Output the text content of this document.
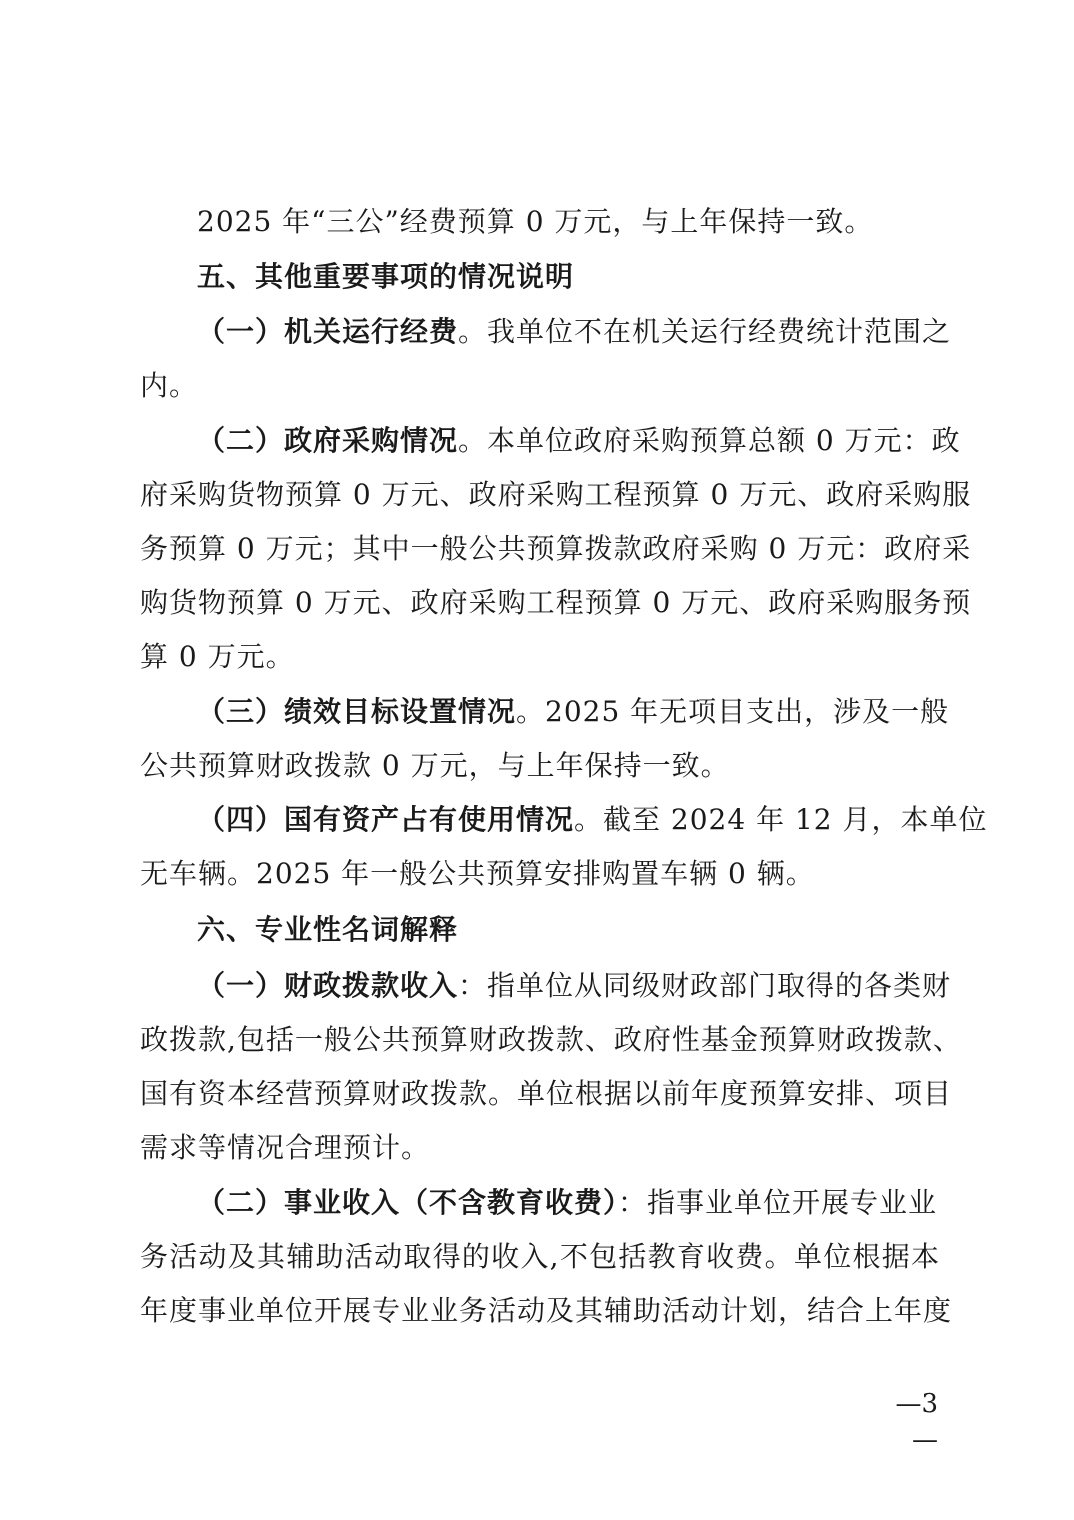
2025 年“三公”经费预算 0 万元，与上年保持一致。
五、其他重要事项的情况说明
（一）机关运行经费。我单位不在机关运行经费统计范围之
内。
（二）政府采购情况。本单位政府采购预算总额 0 万元：政
府采购货物预算 0 万元、政府采购工程预算 0 万元、政府采购服
务预算 0 万元；其中一般公共预算拨款政府采购 0 万元：政府采
购货物预算 0 万元、政府采购工程预算 0 万元、政府采购服务预
算 0 万元。
（三）绩效目标设置情况。2025 年无项目支出，涉及一般
公共预算财政拨款 0 万元，与上年保持一致。
（四）国有资产占有使用情况。截至 2024 年 12 月，本单位
无车辆。2025 年一般公共预算安排购置车辆 0 辆。
六、专业性名词解释
（一）财政拨款收入：指单位从同级财政部门取得的各类财
政拨款,包括一般公共预算财政拨款、政府性基金预算财政拨款、
国有资本经营预算财政拨款。单位根据以前年度预算安排、项目
需求等情况合理预计。
（二）事业收入（不含教育收费）：指事业单位开展专业业
务活动及其辅助活动取得的收入,不包括教育收费。单位根据本
年度事业单位开展专业业务活动及其辅助活动计划，结合上年度
—3—
